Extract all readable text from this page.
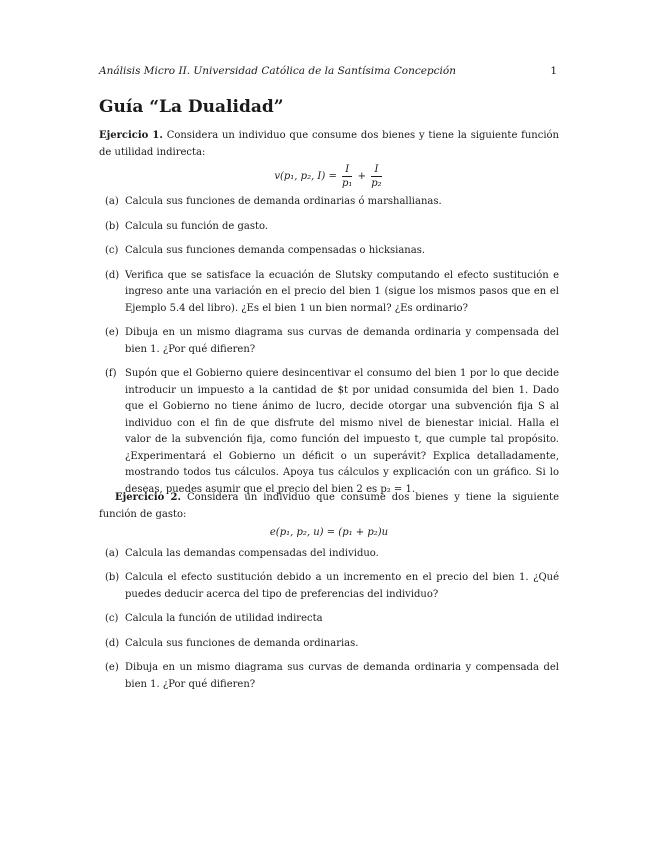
Análisis Micro II. Universidad Católica de la Santísima Concepción	1
Guía “La Dualidad”

Ejercicio 1. Considera un individuo que consume dos bienes y tiene la siguiente función de utilidad indirecta:

v(p₁, p₂, $I) = \frac{I}{\text{p₁}} + \frac{I}{\text{p₂}}$
(a) Calcula sus funciones de demanda ordinarias ó marshallianas.
(b) Calcula su función de gasto.
(c) Calcula sus funciones demanda compensadas o hicksianas.
(d) Verifica que se satisface la ecuación de Slutsky computando el efecto sustitución e ingreso ante una variación en el precio del bien 1 (sigue los mismos pasos que en el Ejemplo 5.4 del libro). ¿Es el bien 1 un bien normal? ¿Es ordinario?
(e) Dibuja en un mismo diagrama sus curvas de demanda ordinaria y compensada del bien 1. ¿Por qué difieren?
(f) Supón que el Gobierno quiere desincentivar el consumo del bien 1 por lo que decide introducir un impuesto a la cantidad de $t por unidad consumida del bien 1. Dado que el Gobierno no tiene ánimo de lucro, decide otorgar una subvención fija S al individuo con el fin de que disfrute del mismo nivel de bienestar inicial. Halla el valor de la subvención fija, como función del impuesto t, que cumple tal propósito. ¿Experimentará el Gobierno un déficit o un superávit? Explica detalladamente, mostrando todos tus cálculos. Apoya tus cálculos y explicación con un gráfico. Si lo deseas, puedes asumir que el precio del bien 2 es p₂ = 1.

Ejercicio 2. Considera un individuo que consume dos bienes y tiene la siguiente función de gasto:

e(p₁, p₂, u) = (p₁ + p₂)u
(a) Calcula las demandas compensadas del individuo.
(b) Calcula el efecto sustitución debido a un incremento en el precio del bien 1. ¿Qué puedes deducir acerca del tipo de preferencias del individuo?
(c) Calcula la función de utilidad indirecta
(d) Calcula sus funciones de demanda ordinarias.
(e) Dibuja en un mismo diagrama sus curvas de demanda ordinaria y compensada del bien 1. ¿Por qué difieren?
